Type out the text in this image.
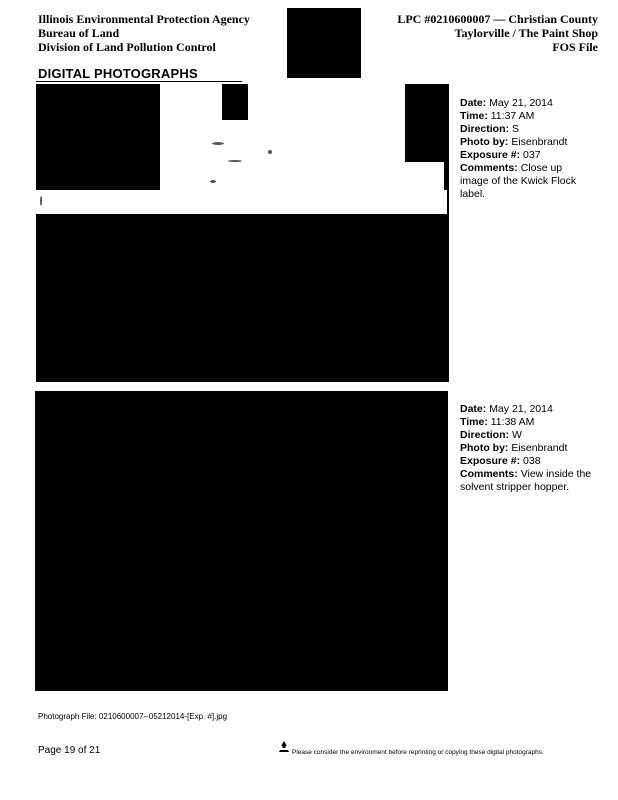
Illinois Environmental Protection Agency
Bureau of Land
Division of Land Pollution Control
LPC #0210600007 — Christian County
Taylorville / The Paint Shop
FOS File
DIGITAL PHOTOGRAPHS
Date: May 21, 2014
Time: 11:37 AM
Direction: S
Photo by: Eisenbrandt
Exposure #: 037
Comments: Close up image of the Kwick Flock label.
Date: May 21, 2014
Time: 11:38 AM
Direction: W
Photo by: Eisenbrandt
Exposure #: 038
Comments: View inside the solvent stripper hopper.
Photograph File: 0210600007--05212014-[Exp. #].jpg
Page 19 of 21	Please consider the environment before reprinting or copying these digital photographs.
